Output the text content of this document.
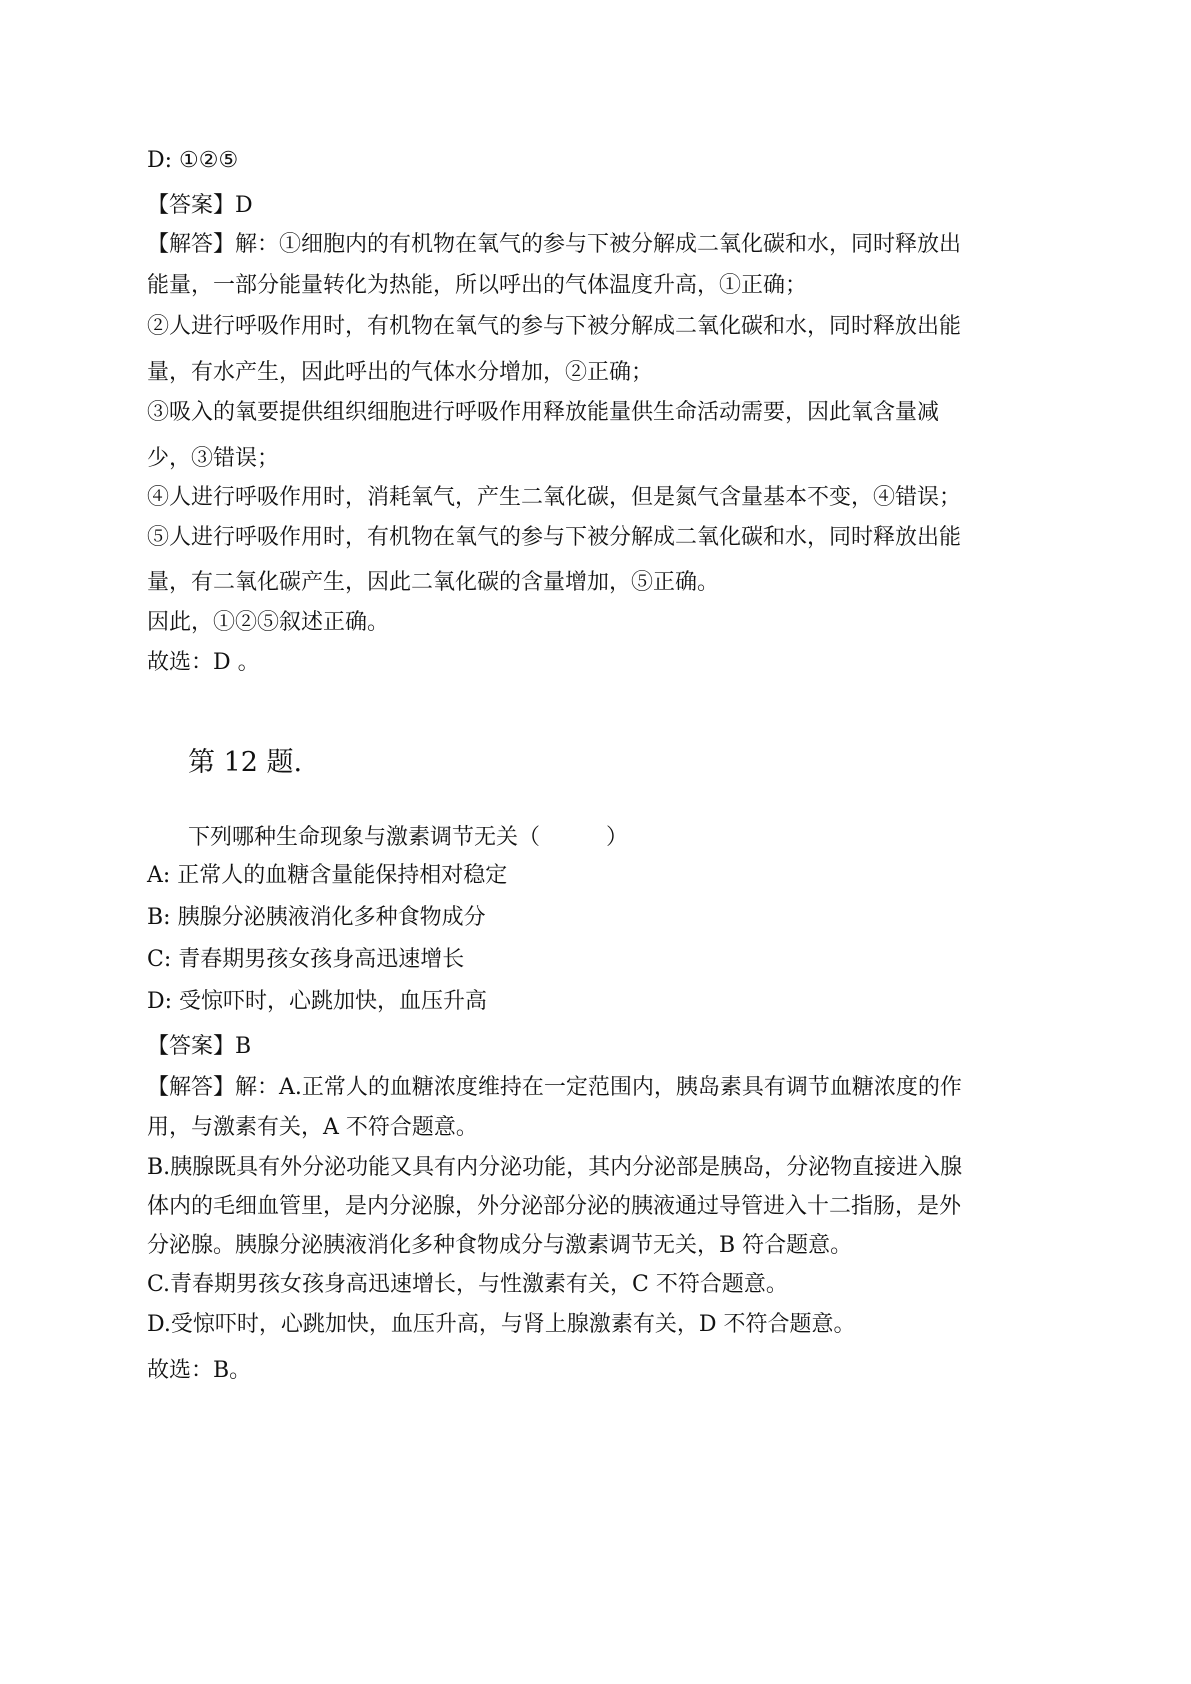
D: ①②⑤
【答案】D
【解答】解：①细胞内的有机物在氧气的参与下被分解成二氧化碳和水，同时释放出
能量，一部分能量转化为热能，所以呼出的气体温度升高，①正确；
②人进行呼吸作用时，有机物在氧气的参与下被分解成二氧化碳和水，同时释放出能
量，有水产生，因此呼出的气体水分增加，②正确；
③吸入的氧要提供组织细胞进行呼吸作用释放能量供生命活动需要，因此氧含量减
少，③错误；
④人进行呼吸作用时，消耗氧气，产生二氧化碳，但是氮气含量基本不变，④错误；
⑤人进行呼吸作用时，有机物在氧气的参与下被分解成二氧化碳和水，同时释放出能
量，有二氧化碳产生，因此二氧化碳的含量增加，⑤正确。
因此，①②⑤叙述正确。
故选：D 。
第 12 题.
下列哪种生命现象与激素调节无关（　　　）
A: 正常人的血糖含量能保持相对稳定
B: 胰腺分泌胰液消化多种食物成分
C: 青春期男孩女孩身高迅速增长
D: 受惊吓时，心跳加快，血压升高
【答案】B
【解答】解：A.正常人的血糖浓度维持在一定范围内，胰岛素具有调节血糖浓度的作
用，与激素有关，A 不符合题意。
B.胰腺既具有外分泌功能又具有内分泌功能，其内分泌部是胰岛，分泌物直接进入腺
体内的毛细血管里，是内分泌腺，外分泌部分泌的胰液通过导管进入十二指肠，是外
分泌腺。胰腺分泌胰液消化多种食物成分与激素调节无关，B 符合题意。
C.青春期男孩女孩身高迅速增长，与性激素有关，C 不符合题意。
D.受惊吓时，心跳加快，血压升高，与肾上腺激素有关，D 不符合题意。
故选：B。
